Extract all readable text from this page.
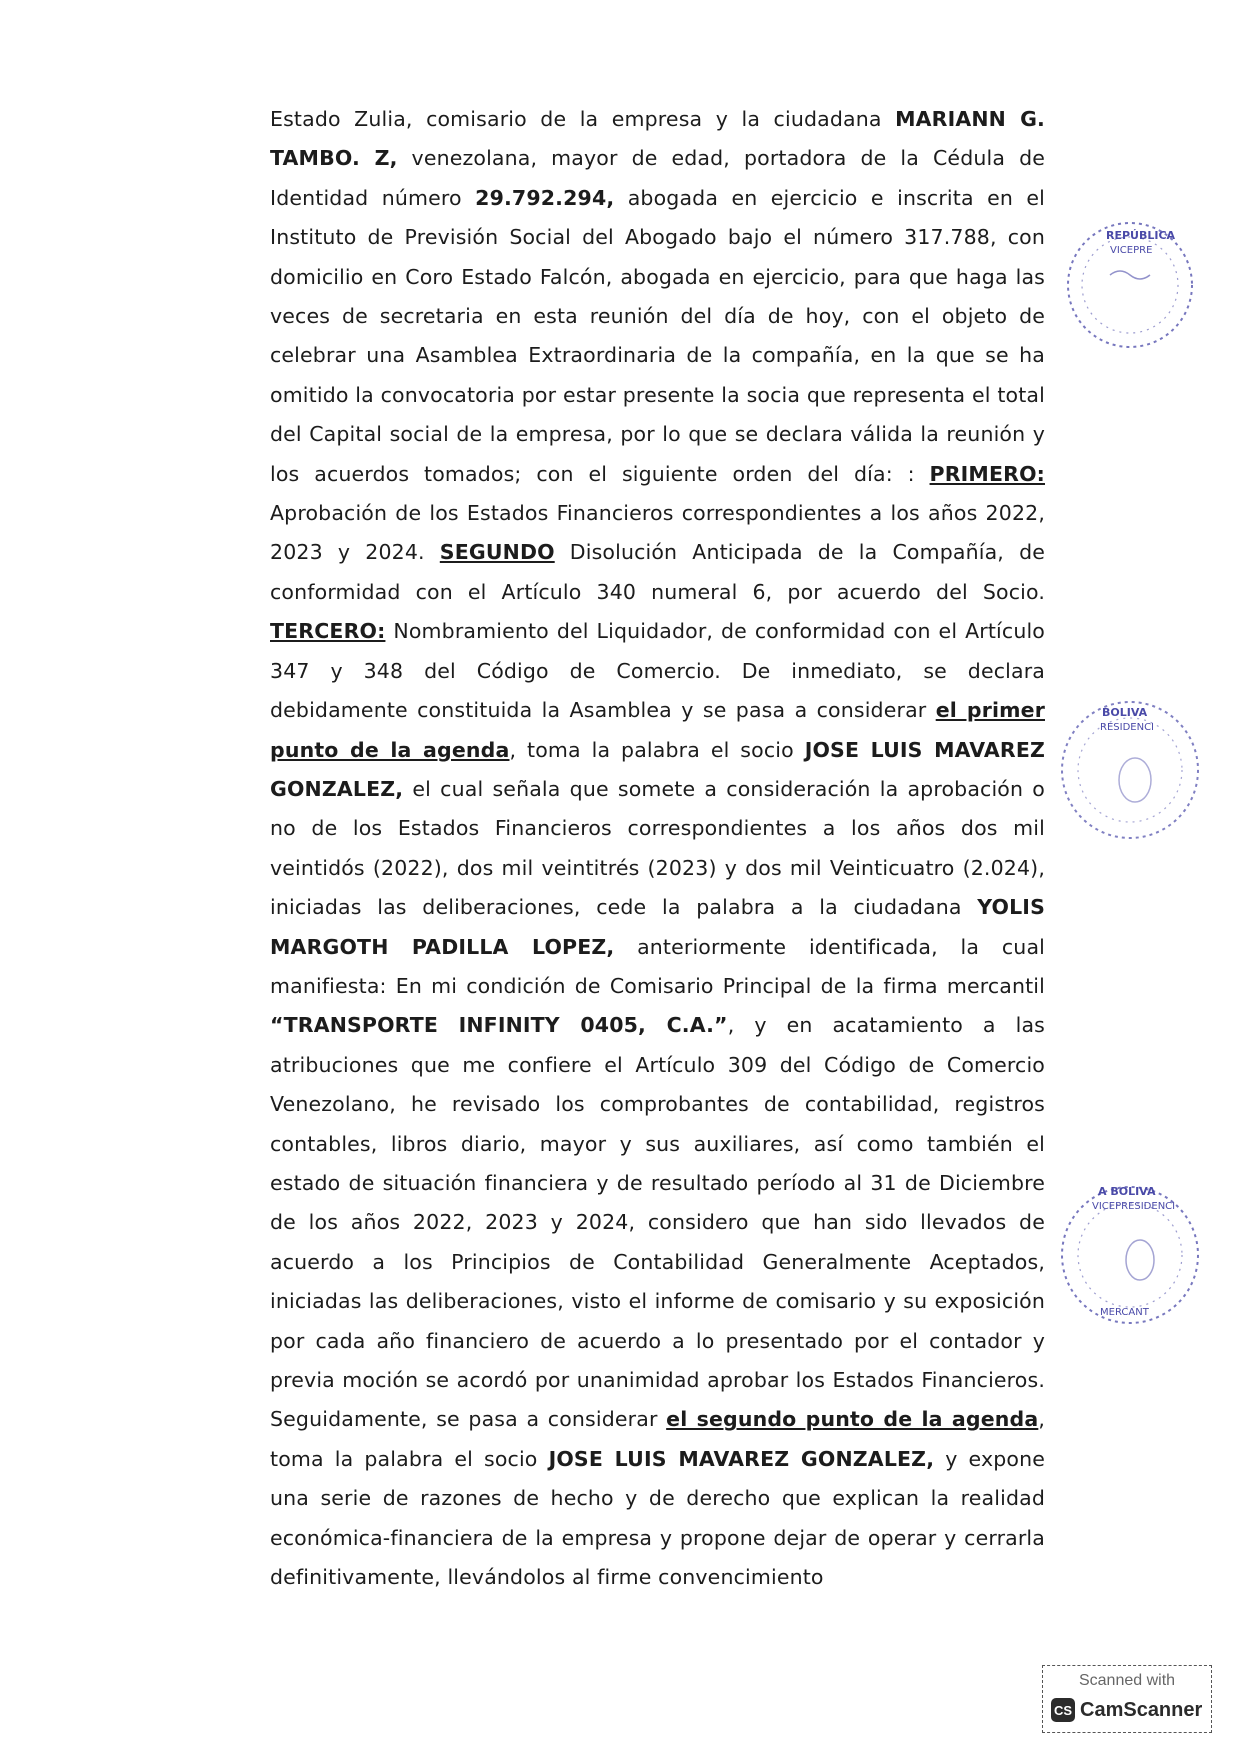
Estado Zulia, comisario de la empresa y la ciudadana MARIANN G. TAMBO. Z, venezolana, mayor de edad, portadora de la Cédula de Identidad número 29.792.294, abogada en ejercicio e inscrita en el Instituto de Previsión Social del Abogado bajo el número 317.788, con domicilio en Coro Estado Falcón, abogada en ejercicio, para que haga las veces de secretaria en esta reunión del día de hoy, con el objeto de celebrar una Asamblea Extraordinaria de la compañía, en la que se ha omitido la convocatoria por estar presente la socia que representa el total del Capital social de la empresa, por lo que se declara válida la reunión y los acuerdos tomados; con el siguiente orden del día: : PRIMERO: Aprobación de los Estados Financieros correspondientes a los años 2022, 2023 y 2024. SEGUNDO Disolución Anticipada de la Compañía, de conformidad con el Artículo 340 numeral 6, por acuerdo del Socio. TERCERO: Nombramiento del Liquidador, de conformidad con el Artículo 347 y 348 del Código de Comercio. De inmediato, se declara debidamente constituida la Asamblea y se pasa a considerar el primer punto de la agenda, toma la palabra el socio JOSE LUIS MAVAREZ GONZALEZ, el cual señala que somete a consideración la aprobación o no de los Estados Financieros correspondientes a los años dos mil veintidós (2022), dos mil veintitrés (2023) y dos mil Veinticuatro (2.024), iniciadas las deliberaciones, cede la palabra a la ciudadana YOLIS MARGOTH PADILLA LOPEZ, anteriormente identificada, la cual manifiesta: En mi condición de Comisario Principal de la firma mercantil “TRANSPORTE INFINITY 0405, C.A.”, y en acatamiento a las atribuciones que me confiere el Artículo 309 del Código de Comercio Venezolano, he revisado los comprobantes de contabilidad, registros contables, libros diario, mayor y sus auxiliares, así como también el estado de situación financiera y de resultado período al 31 de Diciembre de los años 2022, 2023 y 2024, considero que han sido llevados de acuerdo a los Principios de Contabilidad Generalmente Aceptados, iniciadas las deliberaciones, visto el informe de comisario y su exposición por cada año financiero de acuerdo a lo presentado por el contador y previa moción se acordó por unanimidad aprobar los Estados Financieros. Seguidamente, se pasa a considerar el segundo punto de la agenda, toma la palabra el socio JOSE LUIS MAVAREZ GONZALEZ, y expone una serie de razones de hecho y de derecho que explican la realidad económica-financiera de la empresa y propone dejar de operar y cerrarla definitivamente, llevándolos al firme convencimiento
REPÚBLICA
VICEPRE
BOLIVA
RESIDENCI
A BOLIVA
VICEPRESIDENCI
MERCANT
Scanned with
CS CamScanner
